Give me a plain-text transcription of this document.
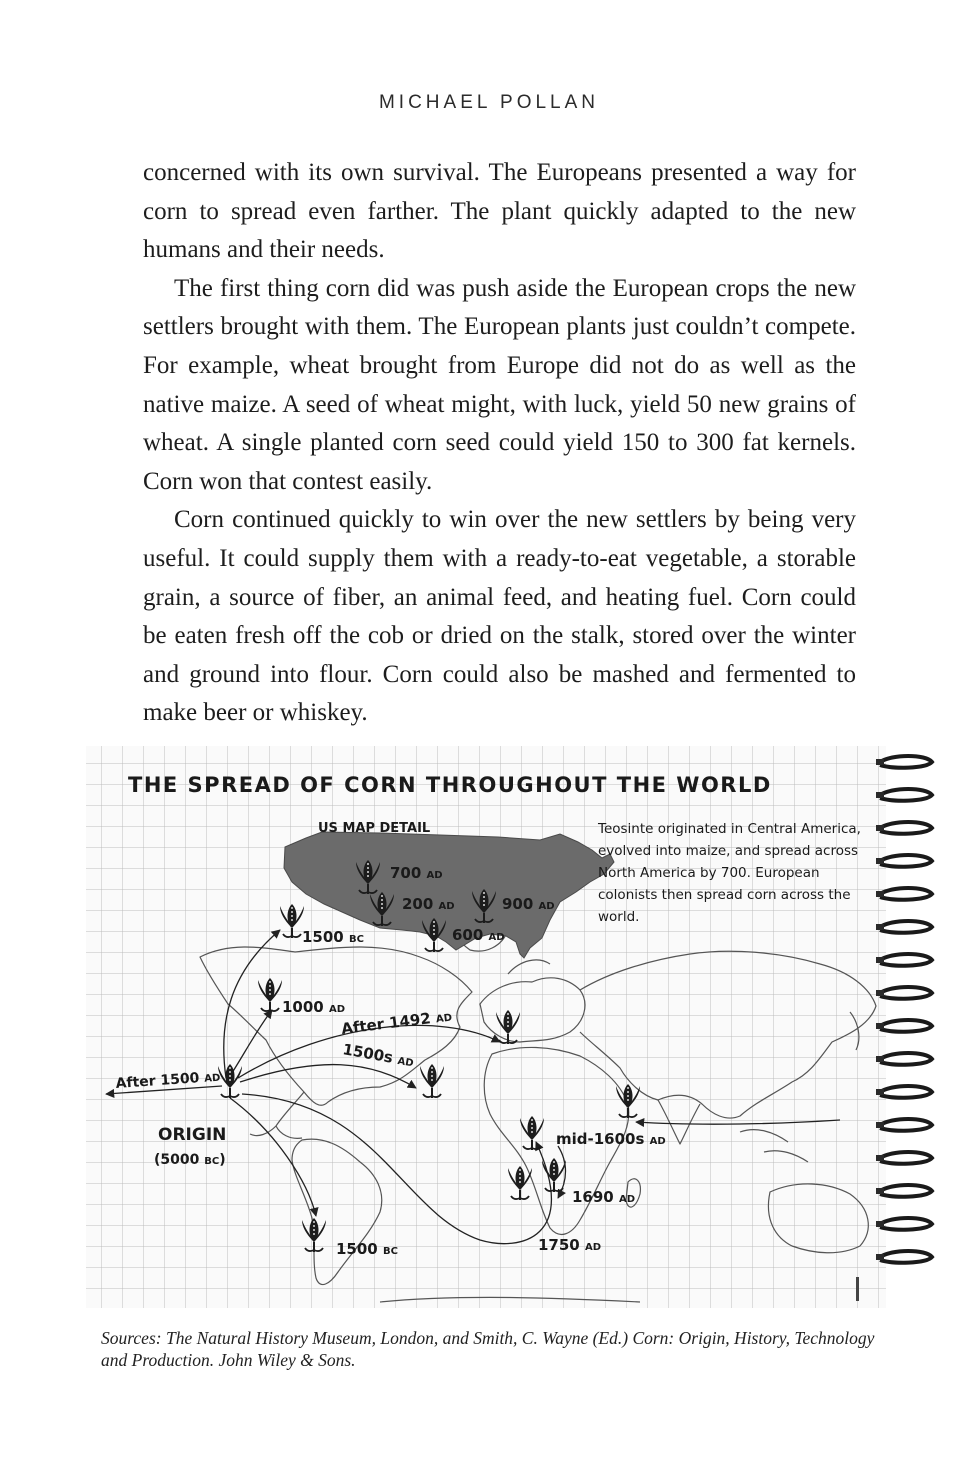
MICHAEL POLLAN

concerned with its own survival. The Europeans presented a way for corn to spread even farther. The plant quickly adapted to the new humans and their needs.

The first thing corn did was push aside the European crops the new settlers brought with them. The European plants just couldn’t compete. For example, wheat brought from Europe did not do as well as the native maize. A seed of wheat might, with luck, yield 50 new grains of wheat. A single planted corn seed could yield 150 to 300 fat kernels. Corn won that contest easily.

Corn continued quickly to win over the new settlers by being very useful. It could supply them with a ready-to-eat vegetable, a storable grain, a source of fiber, an animal feed, and heating fuel. Corn could be eaten fresh off the cob or dried on the stalk, stored over the winter and ground into flour. Corn could also be mashed and fermented to make beer or whiskey.

THE SPREAD OF CORN THROUGHOUT THE WORLD
US MAP DETAIL	Teosinte originated in Central America,
evolved into maize, and spread across
North America by 700. European
colonists then spread corn across the
world.
700 AD
200 AD	900 AD
600 AD
1500 BC
1000 AD
After 1492 AD
1500s AD
After 1500 AD
ORIGIN
(5000 BC)
mid-1600s AD
1690 AD
1750 AD
1500 BC
Sources: The Natural History Museum, London, and Smith, C. Wayne (Ed.) Corn: Origin, History, Technology and Production. John Wiley & Sons.
